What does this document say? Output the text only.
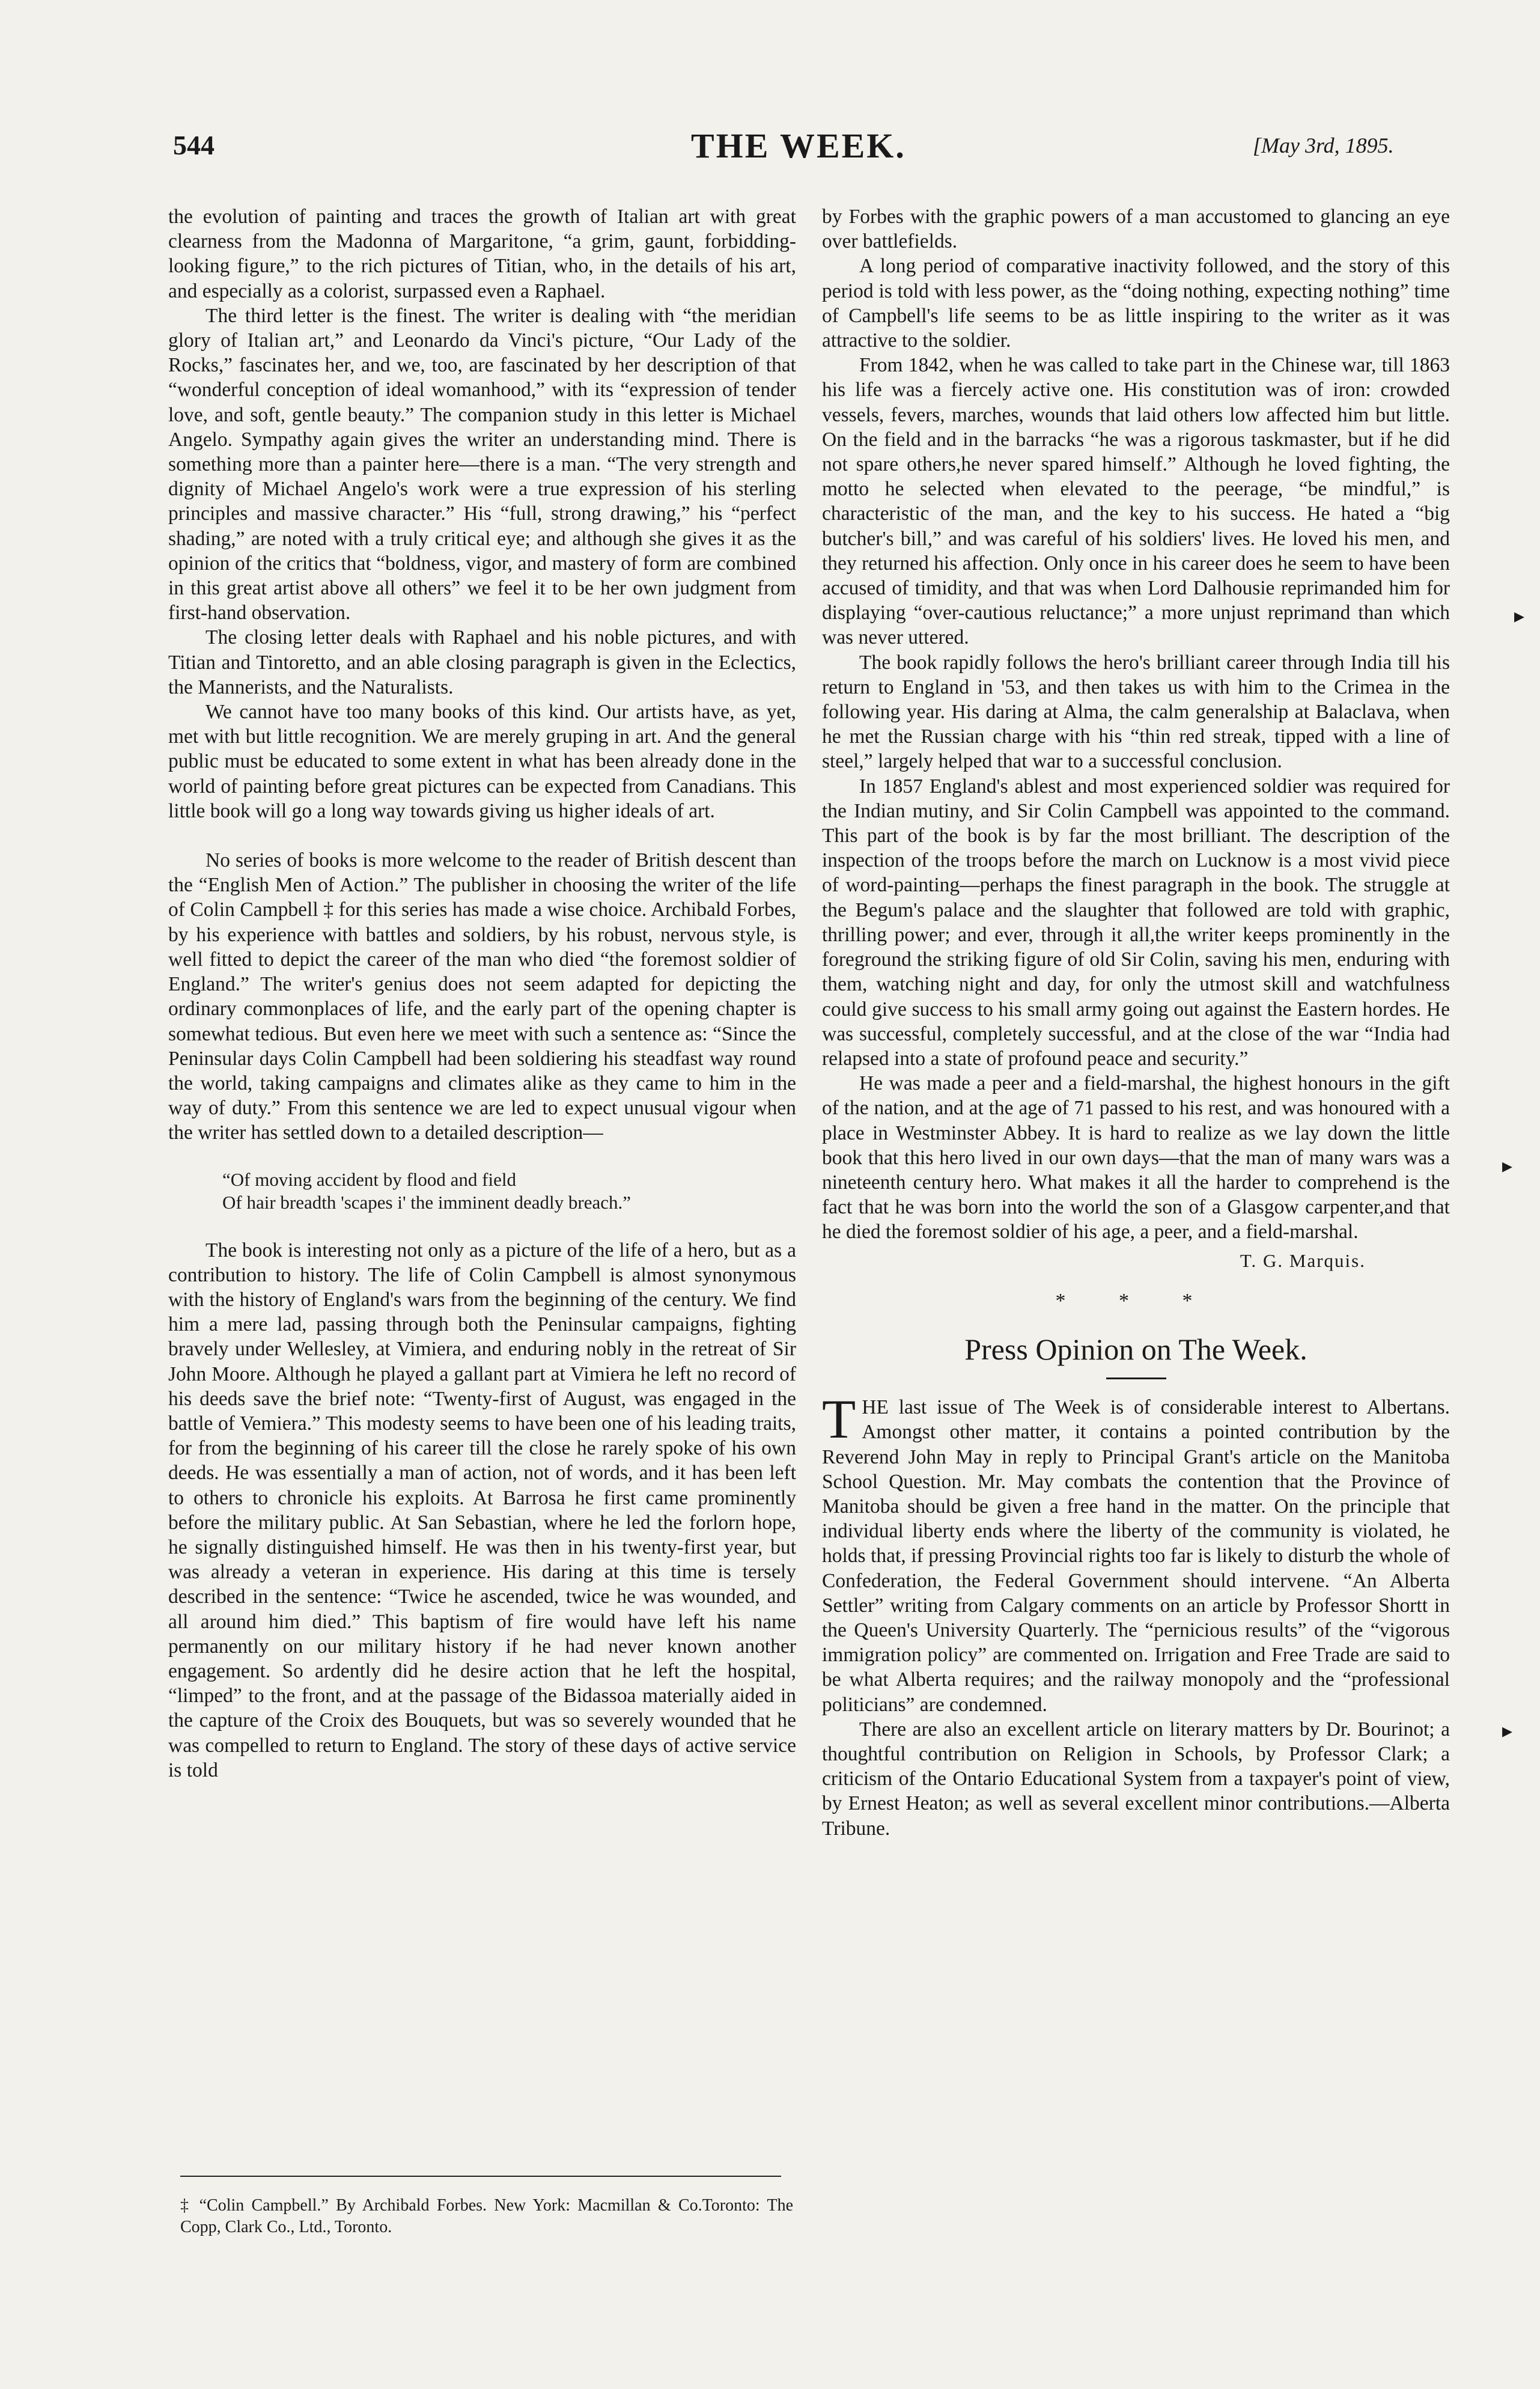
544	THE WEEK.	[May 3rd, 1895.

the evolution of painting and traces the growth of Italian art with great clearness from the Madonna of Margaritone, “a grim, gaunt, forbidding-looking figure,” to the rich pictures of Titian, who, in the details of his art, and especially as a colorist, surpassed even a Raphael.

The third letter is the finest. The writer is dealing with “the meridian glory of Italian art,” and Leonardo da Vinci's picture, “Our Lady of the Rocks,” fascinates her, and we, too, are fascinated by her description of that “wonderful conception of ideal womanhood,” with its “expression of tender love, and soft, gentle beauty.” The companion study in this letter is Michael Angelo. Sympathy again gives the writer an understanding mind. There is something more than a painter here—there is a man. “The very strength and dignity of Michael Angelo's work were a true expression of his sterling principles and massive character.” His “full, strong drawing,” his “perfect shading,” are noted with a truly critical eye; and although she gives it as the opinion of the critics that “boldness, vigor, and mastery of form are combined in this great artist above all others” we feel it to be her own judgment from first-hand observation.

The closing letter deals with Raphael and his noble pictures, and with Titian and Tintoretto, and an able closing paragraph is given in the Eclectics, the Mannerists, and the Naturalists.

We cannot have too many books of this kind. Our artists have, as yet, met with but little recognition. We are merely gruping in art. And the general public must be educated to some extent in what has been already done in the world of painting before great pictures can be expected from Canadians. This little book will go a long way towards giving us higher ideals of art.

No series of books is more welcome to the reader of British descent than the “English Men of Action.” The publisher in choosing the writer of the life of Colin Campbell ‡ for this series has made a wise choice. Archibald Forbes, by his experience with battles and soldiers, by his robust, nervous style, is well fitted to depict the career of the man who died “the foremost soldier of England.” The writer's genius does not seem adapted for depicting the ordinary commonplaces of life, and the early part of the opening chapter is somewhat tedious. But even here we meet with such a sentence as: “Since the Peninsular days Colin Campbell had been soldiering his steadfast way round the world, taking campaigns and climates alike as they came to him in the way of duty.” From this sentence we are led to expect unusual vigour when the writer has settled down to a detailed description—

“Of moving accident by flood and field
Of hair breadth 'scapes i' the imminent deadly breach.”

The book is interesting not only as a picture of the life of a hero, but as a contribution to history. The life of Colin Campbell is almost synonymous with the history of England's wars from the beginning of the century. We find him a mere lad, passing through both the Peninsular campaigns, fighting bravely under Wellesley, at Vimiera, and enduring nobly in the retreat of Sir John Moore. Although he played a gallant part at Vimiera he left no record of his deeds save the brief note: “Twenty-first of August, was engaged in the battle of Vemiera.” This modesty seems to have been one of his leading traits, for from the beginning of his career till the close he rarely spoke of his own deeds. He was essentially a man of action, not of words, and it has been left to others to chronicle his exploits. At Barrosa he first came prominently before the military public. At San Sebastian, where he led the forlorn hope, he signally distinguished himself. He was then in his twenty-first year, but was already a veteran in experience. His daring at this time is tersely described in the sentence: “Twice he ascended, twice he was wounded, and all around him died.” This baptism of fire would have left his name permanently on our military history if he had never known another engagement. So ardently did he desire action that he left the hospital, “limped” to the front, and at the passage of the Bidassoa materially aided in the capture of the Croix des Bouquets, but was so severely wounded that he was compelled to return to England. The story of these days of active service is told

by Forbes with the graphic powers of a man accustomed to glancing an eye over battlefields.

A long period of comparative inactivity followed, and the story of this period is told with less power, as the “doing nothing, expecting nothing” time of Campbell's life seems to be as little inspiring to the writer as it was attractive to the soldier.

From 1842, when he was called to take part in the Chinese war, till 1863 his life was a fiercely active one. His constitution was of iron: crowded vessels, fevers, marches, wounds that laid others low affected him but little. On the field and in the barracks “he was a rigorous taskmaster, but if he did not spare others,he never spared himself.” Although he loved fighting, the motto he selected when elevated to the peerage, “be mindful,” is characteristic of the man, and the key to his success. He hated a “big butcher's bill,” and was careful of his soldiers' lives. He loved his men, and they returned his affection. Only once in his career does he seem to have been accused of timidity, and that was when Lord Dalhousie reprimanded him for displaying “over-cautious reluctance;” a more unjust reprimand than which was never uttered.

The book rapidly follows the hero's brilliant career through India till his return to England in '53, and then takes us with him to the Crimea in the following year. His daring at Alma, the calm generalship at Balaclava, when he met the Russian charge with his “thin red streak, tipped with a line of steel,” largely helped that war to a successful conclusion.

In 1857 England's ablest and most experienced soldier was required for the Indian mutiny, and Sir Colin Campbell was appointed to the command. This part of the book is by far the most brilliant. The description of the inspection of the troops before the march on Lucknow is a most vivid piece of word-painting—perhaps the finest paragraph in the book. The struggle at the Begum's palace and the slaughter that followed are told with graphic, thrilling power; and ever, through it all,the writer keeps prominently in the foreground the striking figure of old Sir Colin, saving his men, enduring with them, watching night and day, for only the utmost skill and watchfulness could give success to his small army going out against the Eastern hordes. He was successful, completely successful, and at the close of the war “India had relapsed into a state of profound peace and security.”

He was made a peer and a field-marshal, the highest honours in the gift of the nation, and at the age of 71 passed to his rest, and was honoured with a place in Westminster Abbey. It is hard to realize as we lay down the little book that this hero lived in our own days—that the man of many wars was a nineteenth century hero. What makes it all the harder to comprehend is the fact that he was born into the world the son of a Glasgow carpenter,and that he died the foremost soldier of his age, a peer, and a field-marshal.

T. G. Marquis.
* * *
Press Opinion on The Week.

THE last issue of The Week is of considerable interest to Albertans. Amongst other matter, it contains a pointed contribution by the Reverend John May in reply to Principal Grant's article on the Manitoba School Question. Mr. May combats the contention that the Province of Manitoba should be given a free hand in the matter. On the principle that individual liberty ends where the liberty of the community is violated, he holds that, if pressing Provincial rights too far is likely to disturb the whole of Confederation, the Federal Government should intervene. “An Alberta Settler” writing from Calgary comments on an article by Professor Shortt in the Queen's University Quarterly. The “pernicious results” of the “vigorous immigration policy” are commented on. Irrigation and Free Trade are said to be what Alberta requires; and the railway monopoly and the “professional politicians” are condemned.

There are also an excellent article on literary matters by Dr. Bourinot; a thoughtful contribution on Religion in Schools, by Professor Clark; a criticism of the Ontario Educational System from a taxpayer's point of view, by Ernest Heaton; as well as several excellent minor contributions.—Alberta Tribune.

‡ “Colin Campbell.” By Archibald Forbes. New York: Macmillan & Co.Toronto: The Copp, Clark Co., Ltd., Toronto.
▸
▸
▸
